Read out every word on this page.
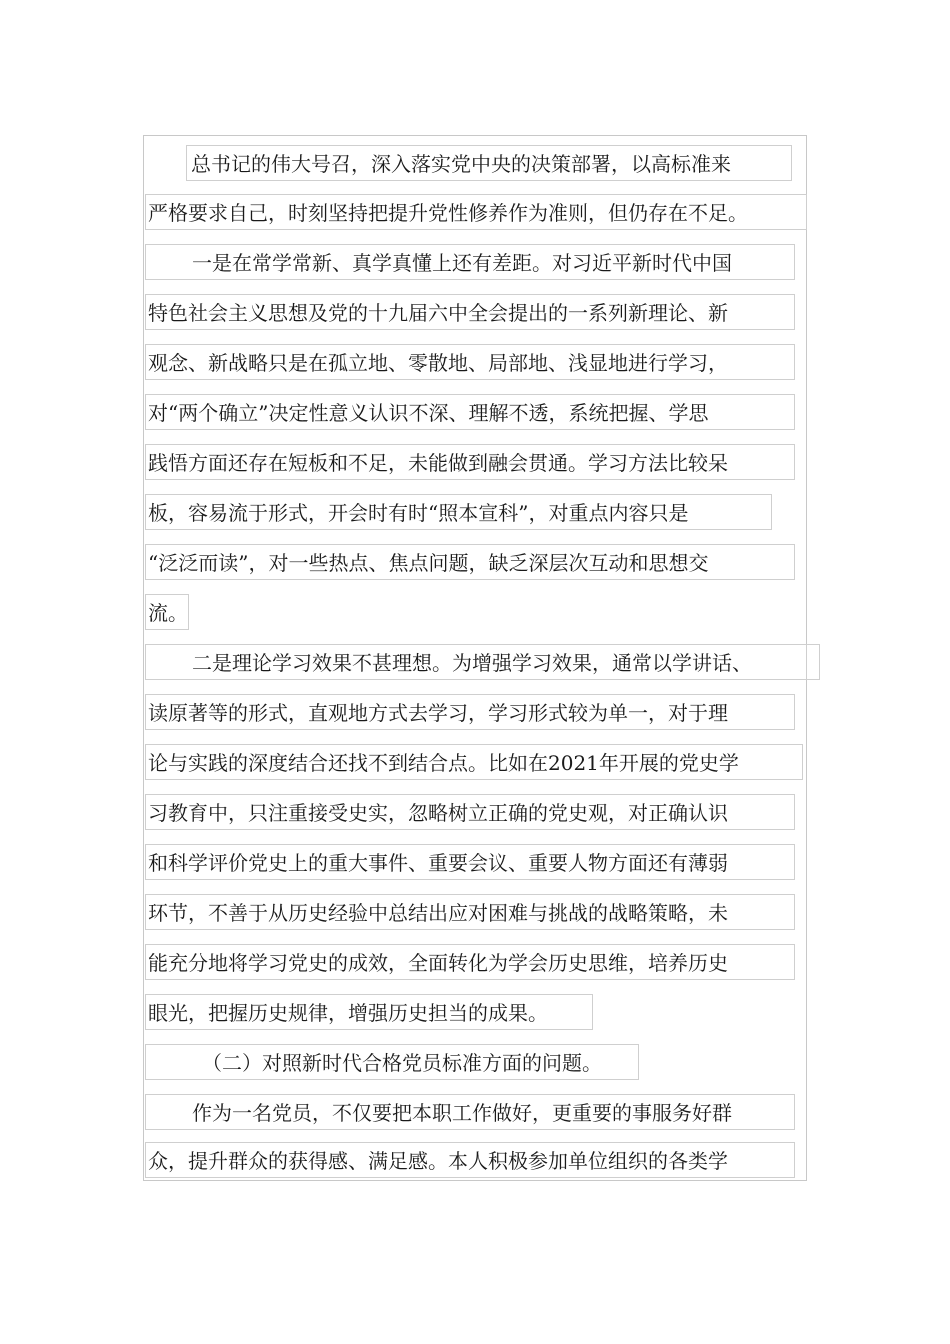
总书记的伟大号召，深入落实党中央的决策部署，以高标准来
严格要求自己，时刻坚持把提升党性修养作为准则，但仍存在不足。
一是在常学常新、真学真懂上还有差距。对习近平新时代中国
特色社会主义思想及党的十九届六中全会提出的一系列新理论、新
观念、新战略只是在孤立地、零散地、局部地、浅显地进行学习，
对“两个确立”决定性意义认识不深、理解不透，系统把握、学思
践悟方面还存在短板和不足，未能做到融会贯通。学习方法比较呆
板，容易流于形式，开会时有时“照本宣科”，对重点内容只是
“泛泛而读”，对一些热点、焦点问题，缺乏深层次互动和思想交
流。
二是理论学习效果不甚理想。为增强学习效果，通常以学讲话、
读原著等的形式，直观地方式去学习，学习形式较为单一，对于理
论与实践的深度结合还找不到结合点。比如在2021年开展的党史学
习教育中，只注重接受史实，忽略树立正确的党史观，对正确认识
和科学评价党史上的重大事件、重要会议、重要人物方面还有薄弱
环节，不善于从历史经验中总结出应对困难与挑战的战略策略，未
能充分地将学习党史的成效，全面转化为学会历史思维，培养历史
眼光，把握历史规律，增强历史担当的成果。
（二）对照新时代合格党员标准方面的问题。
作为一名党员，不仅要把本职工作做好，更重要的事服务好群
众，提升群众的获得感、满足感。本人积极参加单位组织的各类学
